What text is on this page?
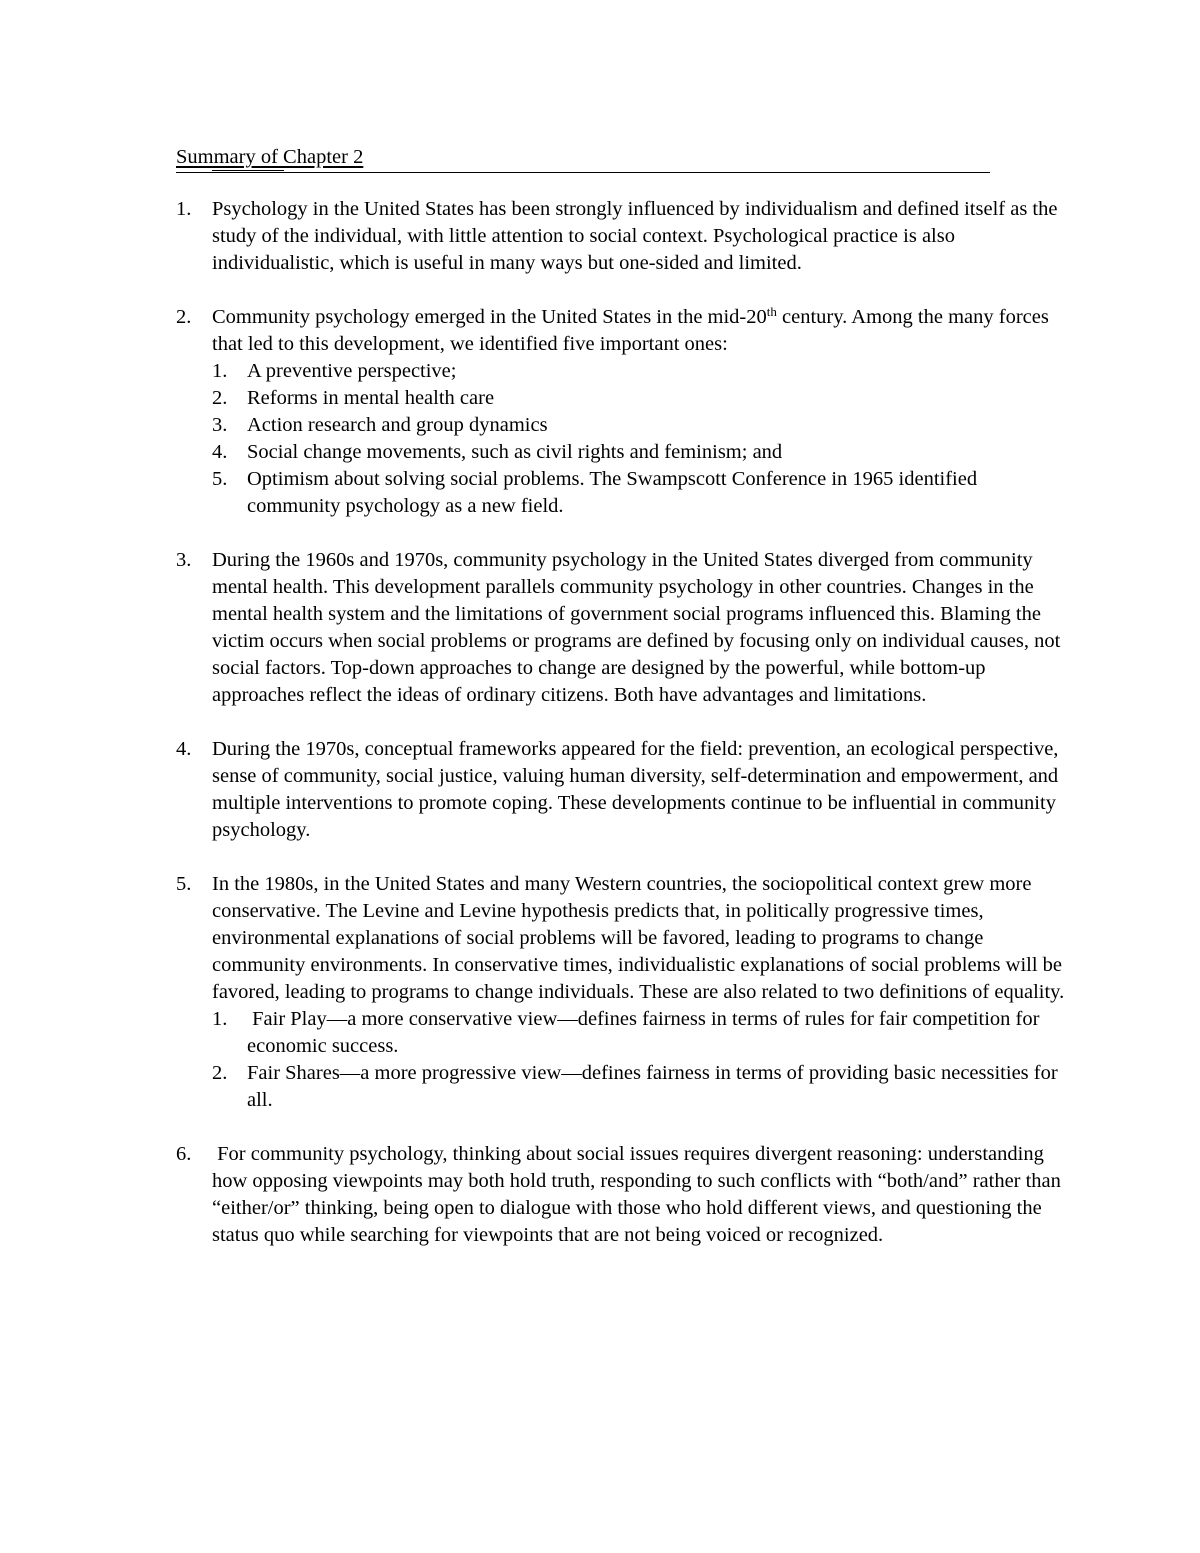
Summary of Chapter 2
1. Psychology in the United States has been strongly influenced by individualism and defined itself as the study of the individual, with little attention to social context. Psychological practice is also individualistic, which is useful in many ways but one-sided and limited.
2. Community psychology emerged in the United States in the mid-20th century. Among the many forces that led to this development, we identified five important ones:
1. A preventive perspective;
2. Reforms in mental health care
3. Action research and group dynamics
4. Social change movements, such as civil rights and feminism; and
5. Optimism about solving social problems. The Swampscott Conference in 1965 identified community psychology as a new field.
3. During the 1960s and 1970s, community psychology in the United States diverged from community mental health. This development parallels community psychology in other countries. Changes in the mental health system and the limitations of government social programs influenced this. Blaming the victim occurs when social problems or programs are defined by focusing only on individual causes, not social factors. Top-down approaches to change are designed by the powerful, while bottom-up approaches reflect the ideas of ordinary citizens. Both have advantages and limitations.
4. During the 1970s, conceptual frameworks appeared for the field: prevention, an ecological perspective, sense of community, social justice, valuing human diversity, self-determination and empowerment, and multiple interventions to promote coping. These developments continue to be influential in community psychology.
5. In the 1980s, in the United States and many Western countries, the sociopolitical context grew more conservative. The Levine and Levine hypothesis predicts that, in politically progressive times, environmental explanations of social problems will be favored, leading to programs to change community environments. In conservative times, individualistic explanations of social problems will be favored, leading to programs to change individuals. These are also related to two definitions of equality.
1. Fair Play—a more conservative view—defines fairness in terms of rules for fair competition for economic success.
2. Fair Shares—a more progressive view—defines fairness in terms of providing basic necessities for all.
6. For community psychology, thinking about social issues requires divergent reasoning: understanding how opposing viewpoints may both hold truth, responding to such conflicts with “both/and” rather than “either/or” thinking, being open to dialogue with those who hold different views, and questioning the status quo while searching for viewpoints that are not being voiced or recognized.
